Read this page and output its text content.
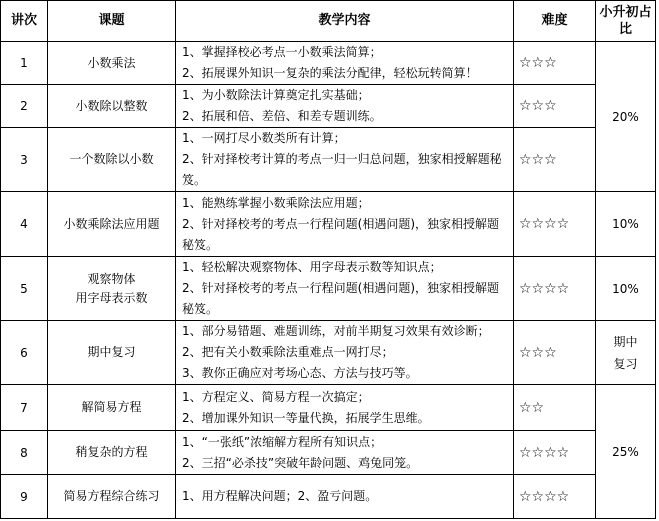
讲次	课题	教学内容	难度	小升初占比
1	小数乘法	1、掌握择校必考点一小数乘法简算；
2、拓展课外知识一复杂的乘法分配律，轻松玩转简算！	☆☆☆	20%
2	小数除以整数	1、为小数除法计算奠定扎实基础；
2、拓展和倍、差倍、和差专题训练。	☆☆☆	
3	一个数除以小数	1、一网打尽小数类所有计算；
2、针对择校考计算的考点一归一归总问题，独家相授解题秘笈。	☆☆☆	
4	小数乘除法应用题	1、能熟练掌握小数乘除法应用题；
2、针对择校考的考点一行程问题(相遇问题)，独家相授解题秘笈。	☆☆☆☆	10%
5	观察物体
用字母表示数	1、轻松解决观察物体、用字母表示数等知识点；
2、针对择校考的考点一行程问题(相遇问题)，独家相授解题秘笈。	☆☆☆☆	10%
6	期中复习	1、部分易错题、难题训练，对前半期复习效果有效诊断；2、把有关小数乘除法重难点一网打尽；
3、教你正确应对考场心态、方法与技巧等。	☆☆☆	期中
复习

7	解简易方程	1、方程定义、简易方程一次搞定；
2、增加课外知识一等量代换，拓展学生思维。	☆☆	25%
8	稍复杂的方程	1、“一张纸”浓缩解方程所有知识点；
2、三招“必杀技”突破年龄问题、鸡兔同笼。	☆☆☆☆	
9	简易方程综合练习	1、用方程解决问题；2、盈亏问题。	☆☆☆☆	
